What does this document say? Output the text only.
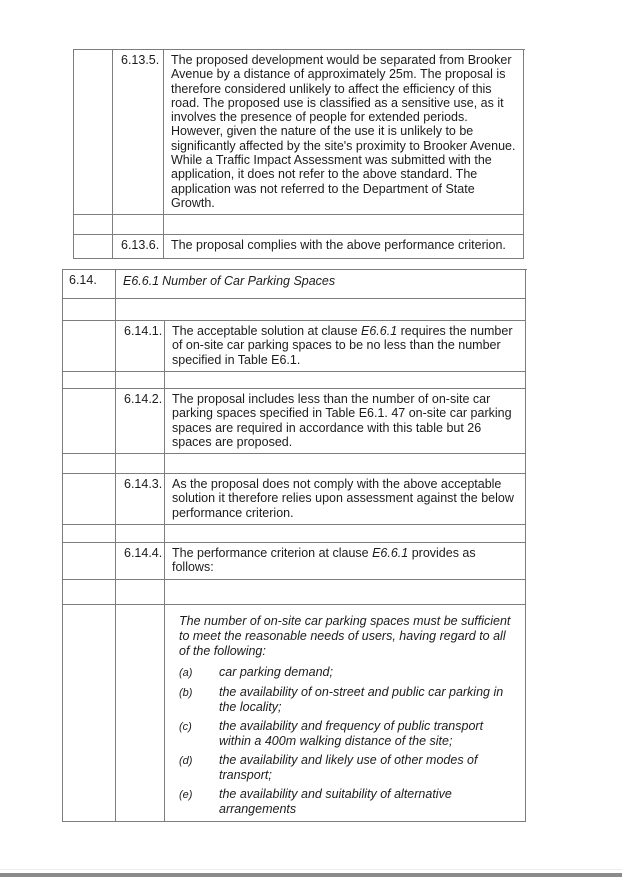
6.13.5. The proposed development would be separated from Brooker Avenue by a distance of approximately 25m. The proposal is therefore considered unlikely to affect the efficiency of this road. The proposed use is classified as a sensitive use, as it involves the presence of people for extended periods. However, given the nature of the use it is unlikely to be significantly affected by the site's proximity to Brooker Avenue. While a Traffic Impact Assessment was submitted with the application, it does not refer to the above standard. The application was not referred to the Department of State Growth.
6.13.6. The proposal complies with the above performance criterion.
6.14.	E6.6.1 Number of Car Parking Spaces
6.14.1. The acceptable solution at clause E6.6.1 requires the number of on-site car parking spaces to be no less than the number specified in Table E6.1.
6.14.2. The proposal includes less than the number of on-site car parking spaces specified in Table E6.1. 47 on-site car parking spaces are required in accordance with this table but 26 spaces are proposed.
6.14.3. As the proposal does not comply with the above acceptable solution it therefore relies upon assessment against the below performance criterion.
6.14.4. The performance criterion at clause E6.6.1 provides as follows:
The number of on-site car parking spaces must be sufficient to meet the reasonable needs of users, having regard to all of the following:
(a)	car parking demand;
(b)	the availability of on-street and public car parking in the locality;
(c)	the availability and frequency of public transport within a 400m walking distance of the site;
(d)	the availability and likely use of other modes of transport;
(e)	the availability and suitability of alternative arrangements
